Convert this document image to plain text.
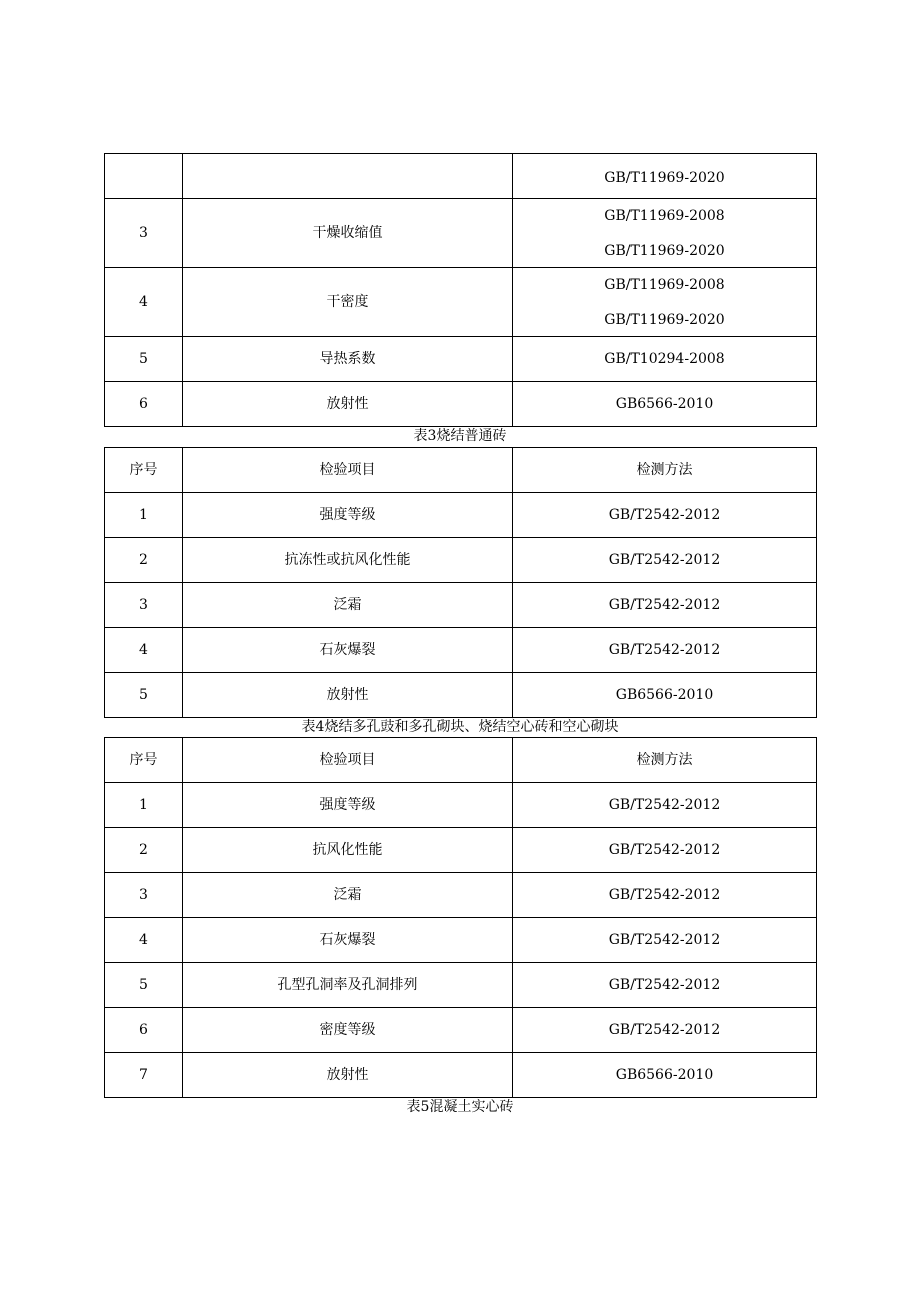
		GB/T11969-2020
3	干燥收缩值	GB/T11969-2008
GB/T11969-2020

4	干密度	GB/T11969-2008
GB/T11969-2020

5	导热系数	GB/T10294-2008
6	放射性	GB6566-2010
表3烧结普通砖
序号	检验项目	检测方法
1	强度等级	GB/T2542-2012
2	抗冻性或抗风化性能	GB/T2542-2012
3	泛霜	GB/T2542-2012
4	石灰爆裂	GB/T2542-2012
5	放射性	GB6566-2010
表4烧结多孔豉和多孔砌块、烧结空心砖和空心砌块
序号	检验项目	检测方法
1	强度等级	GB/T2542-2012
2	抗风化性能	GB/T2542-2012
3	泛霜	GB/T2542-2012
4	石灰爆裂	GB/T2542-2012
5	孔型孔洞率及孔洞排列	GB/T2542-2012
6	密度等级	GB/T2542-2012
7	放射性	GB6566-2010
表5混凝土实心砖
